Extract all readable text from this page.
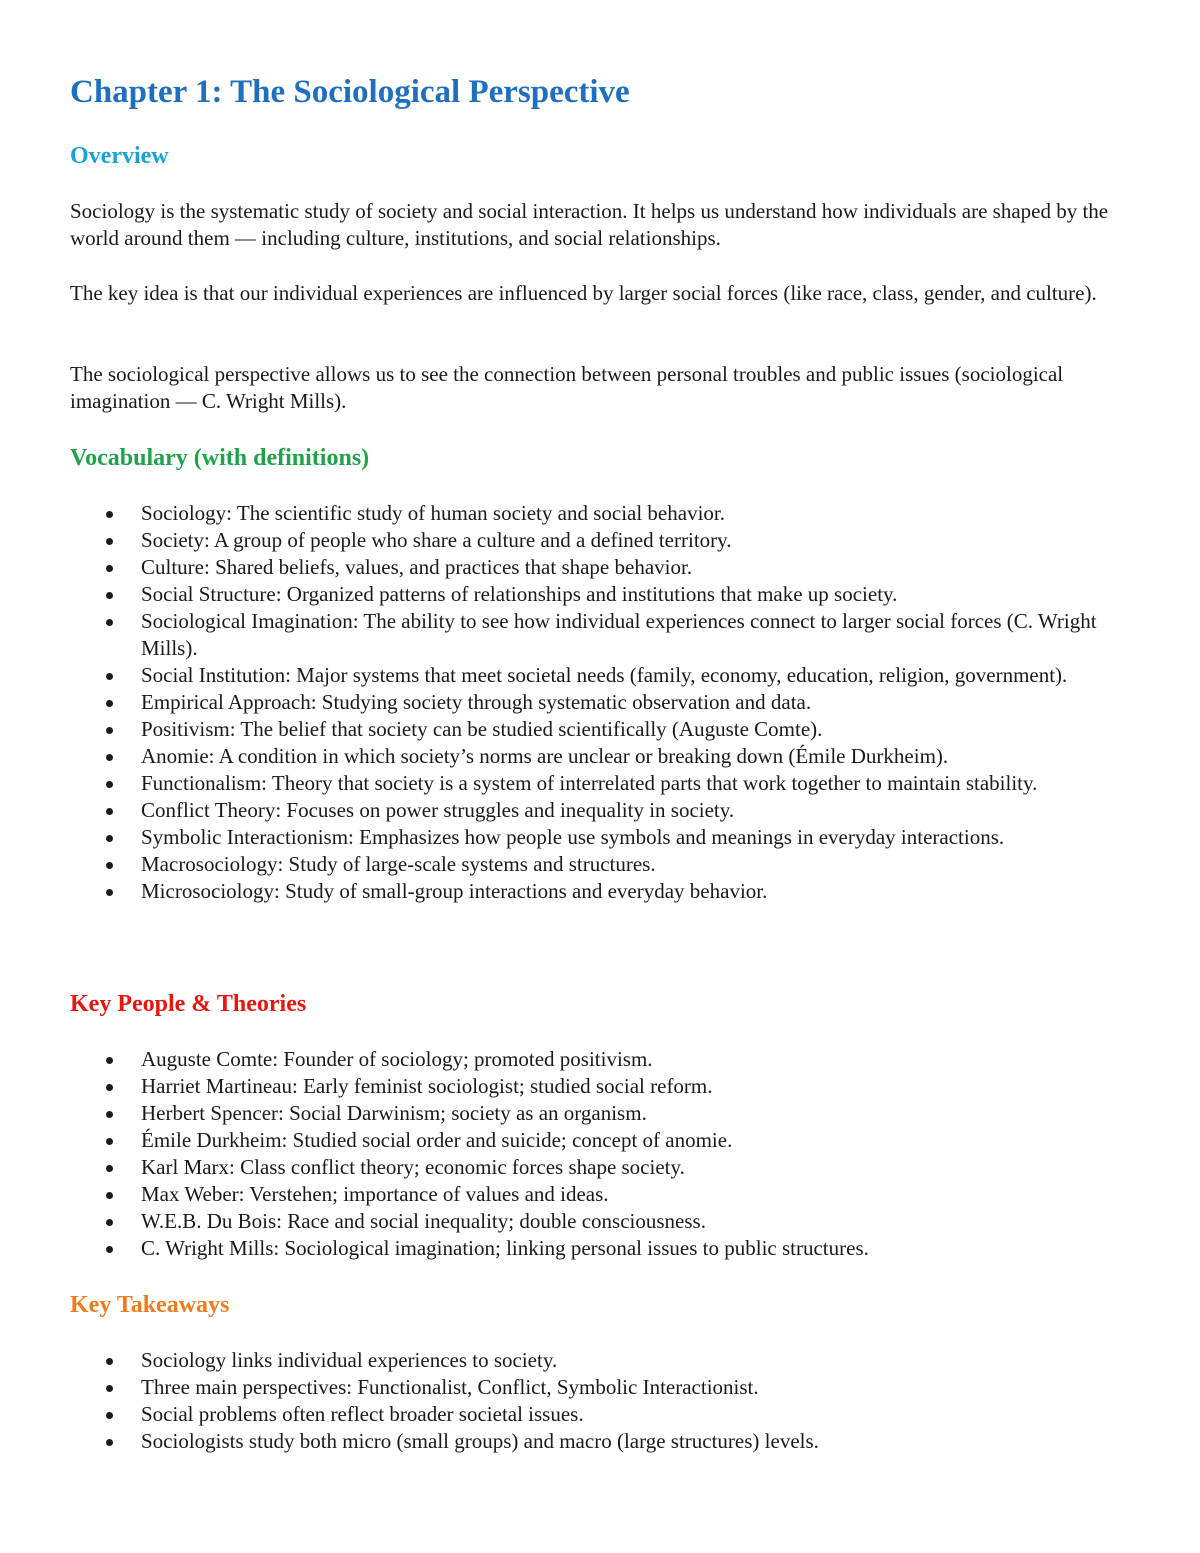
Chapter 1: The Sociological Perspective
Overview

Sociology is the systematic study of society and social interaction. It helps us understand how individuals are shaped by the world around them — including culture, institutions, and social relationships.

The key idea is that our individual experiences are influenced by larger social forces (like race, class, gender, and culture).

The sociological perspective allows us to see the connection between personal troubles and public issues (sociological imagination — C. Wright Mills).

Vocabulary (with definitions)
Sociology: The scientific study of human society and social behavior.
Society: A group of people who share a culture and a defined territory.
Culture: Shared beliefs, values, and practices that shape behavior.
Social Structure: Organized patterns of relationships and institutions that make up society.
Sociological Imagination: The ability to see how individual experiences connect to larger social forces (C. Wright Mills).
Social Institution: Major systems that meet societal needs (family, economy, education, religion, government).
Empirical Approach: Studying society through systematic observation and data.
Positivism: The belief that society can be studied scientifically (Auguste Comte).
Anomie: A condition in which society’s norms are unclear or breaking down (Émile Durkheim).
Functionalism: Theory that society is a system of interrelated parts that work together to maintain stability.
Conflict Theory: Focuses on power struggles and inequality in society.
Symbolic Interactionism: Emphasizes how people use symbols and meanings in everyday interactions.
Macrosociology: Study of large-scale systems and structures.
Microsociology: Study of small-group interactions and everyday behavior.
Key People & Theories
Auguste Comte: Founder of sociology; promoted positivism.
Harriet Martineau: Early feminist sociologist; studied social reform.
Herbert Spencer: Social Darwinism; society as an organism.
Émile Durkheim: Studied social order and suicide; concept of anomie.
Karl Marx: Class conflict theory; economic forces shape society.
Max Weber: Verstehen; importance of values and ideas.
W.E.B. Du Bois: Race and social inequality; double consciousness.
C. Wright Mills: Sociological imagination; linking personal issues to public structures.
Key Takeaways
Sociology links individual experiences to society.
Three main perspectives: Functionalist, Conflict, Symbolic Interactionist.
Social problems often reflect broader societal issues.
Sociologists study both micro (small groups) and macro (large structures) levels.
